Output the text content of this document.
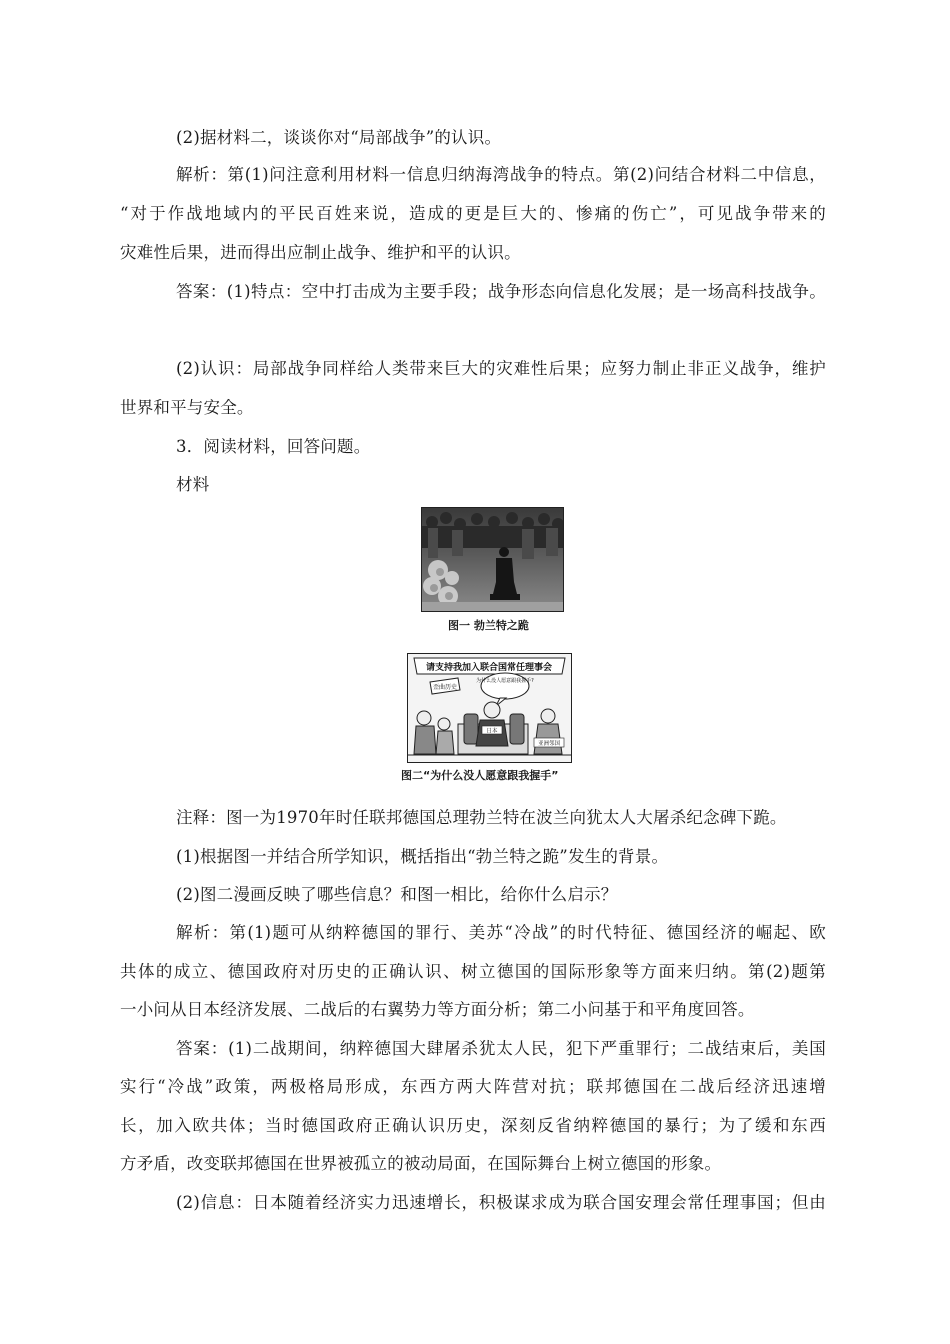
(2)据材料二，谈谈你对“局部战争”的认识。
解析：第(1)问注意利用材料一信息归纳海湾战争的特点。第(2)问结合材料二中信息，
“对于作战地域内的平民百姓来说，造成的更是巨大的、惨痛的伤亡”，可见战争带来的
灾难性后果，进而得出应制止战争、维护和平的认识。
答案：(1)特点：空中打击成为主要手段；战争形态向信息化发展；是一场高科技战争。
(2)认识：局部战争同样给人类带来巨大的灾难性后果；应努力制止非正义战争，维护
世界和平与安全。
3．阅读材料，回答问题。
材料
图一 勃兰特之跪
请支持我加入联合国常任理事会
为什么没人愿意跟我握手?
歪曲历史
日本
亚洲邻国
图二“为什么没人愿意跟我握手”
注释：图一为1970年时任联邦德国总理勃兰特在波兰向犹太人大屠杀纪念碑下跪。
(1)根据图一并结合所学知识，概括指出“勃兰特之跪”发生的背景。
(2)图二漫画反映了哪些信息？和图一相比，给你什么启示？
解析：第(1)题可从纳粹德国的罪行、美苏“冷战”的时代特征、德国经济的崛起、欧
共体的成立、德国政府对历史的正确认识、树立德国的国际形象等方面来归纳。第(2)题第
一小问从日本经济发展、二战后的右翼势力等方面分析；第二小问基于和平角度回答。
答案：(1)二战期间，纳粹德国大肆屠杀犹太人民，犯下严重罪行；二战结束后，美国
实行“冷战”政策，两极格局形成，东西方两大阵营对抗；联邦德国在二战后经济迅速增
长，加入欧共体；当时德国政府正确认识历史，深刻反省纳粹德国的暴行；为了缓和东西
方矛盾，改变联邦德国在世界被孤立的被动局面，在国际舞台上树立德国的形象。
(2)信息：日本随着经济实力迅速增长，积极谋求成为联合国安理会常任理事国；但由
